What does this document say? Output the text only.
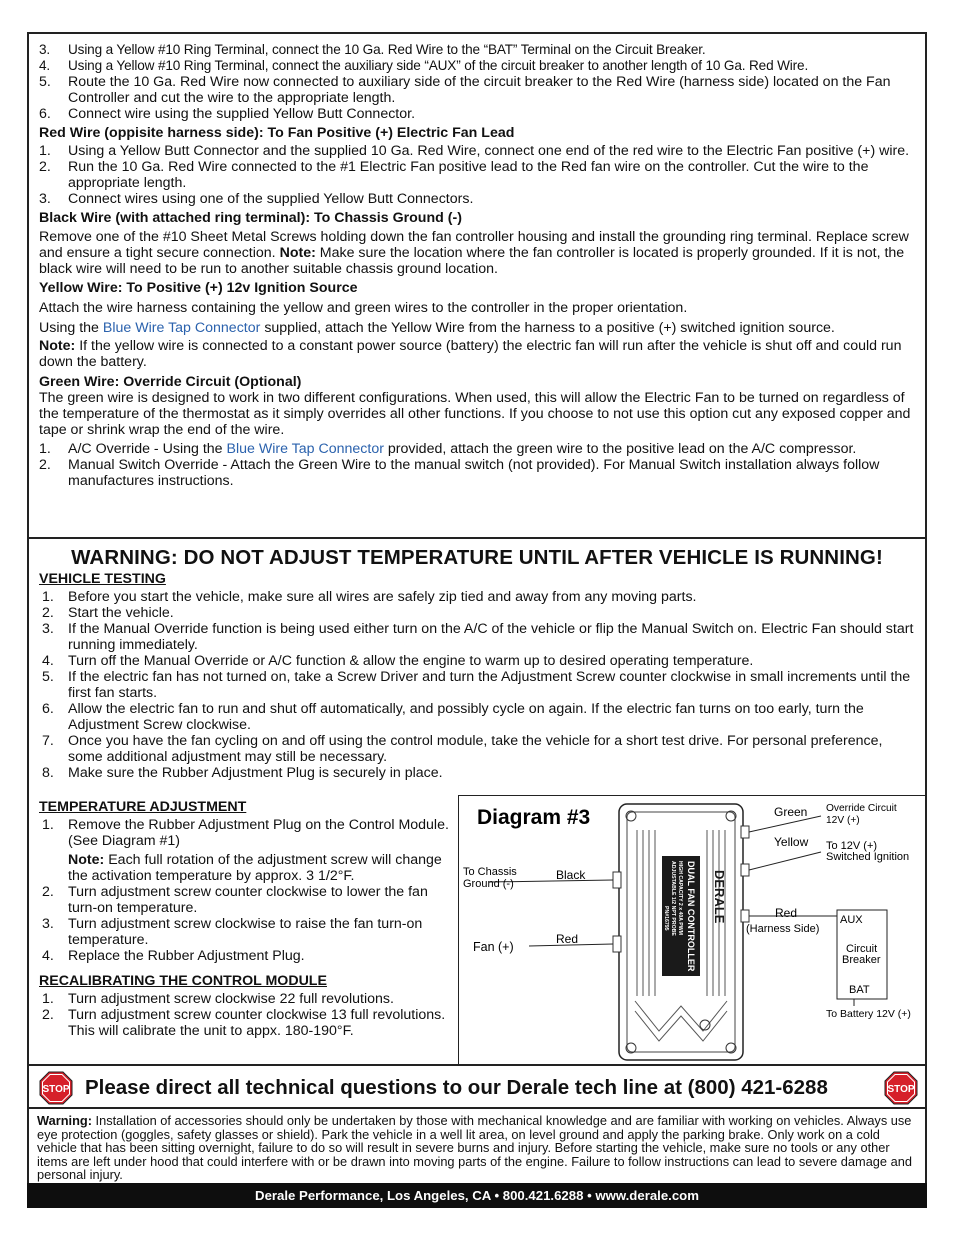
3. Using a Yellow #10 Ring Terminal, connect the 10 Ga. Red Wire to the “BAT” Terminal on the Circuit Breaker.
4. Using a Yellow #10 Ring Terminal, connect the auxiliary side “AUX” of the circuit breaker to another length of 10 Ga. Red Wire.
5. Route the 10 Ga. Red Wire now connected to auxiliary side of the circuit breaker to the Red Wire (harness side) located on the Fan Controller and cut the wire to the appropriate length.
6. Connect wire using the supplied Yellow Butt Connector.

Red Wire (oppisite harness side): To Fan Positive (+) Electric Fan Lead

1. Using a Yellow Butt Connector and the supplied 10 Ga. Red Wire, connect one end of the red wire to the Electric Fan positive (+) wire.
2. Run the 10 Ga. Red Wire connected to the #1 Electric Fan positive lead to the Red fan wire on the controller. Cut the wire to the appropriate length.
3. Connect wires using one of the supplied Yellow Butt Connectors.

Black Wire (with attached ring terminal): To Chassis Ground (-)

Remove one of the #10 Sheet Metal Screws holding down the fan controller housing and install the grounding ring terminal. Replace screw and ensure a tight secure connection. Note: Make sure the location where the fan controller is located is properly grounded. If it is not, the black wire will need to be run to another suitable chassis ground location.

Yellow Wire: To Positive (+) 12v Ignition Source

Attach the wire harness containing the yellow and green wires to the controller in the proper orientation.

Using the Blue Wire Tap Connector supplied, attach the Yellow Wire from the harness to a positive (+) switched ignition source.

Note: If the yellow wire is connected to a constant power source (battery) the electric fan will run after the vehicle is shut off and could run down the battery.

Green Wire: Override Circuit (Optional)

The green wire is designed to work in two different configurations. When used, this will allow the Electric Fan to be turned on regardless of the temperature of the thermostat as it simply overrides all other functions. If you choose to not use this option cut any exposed copper and tape or shrink wrap the end of the wire.

1. A/C Override - Using the Blue Wire Tap Connector provided, attach the green wire to the positive lead on the A/C compressor.
2. Manual Switch Override - Attach the Green Wire to the manual switch (not provided). For Manual Switch installation always follow manufactures instructions.
WARNING: DO NOT ADJUST TEMPERATURE UNTIL AFTER VEHICLE IS RUNNING!
VEHICLE TESTING
1. Before you start the vehicle, make sure all wires are safely zip tied and away from any moving parts.
2. Start the vehicle.
3. If the Manual Override function is being used either turn on the A/C of the vehicle or flip the Manual Switch on. Electric Fan should start running immediately.
4. Turn off the Manual Override or A/C function & allow the engine to warm up to desired operating temperature.
5. If the electric fan has not turned on, take a Screw Driver and turn the Adjustment Screw counter clockwise in small increments until the first fan starts.
6. Allow the electric fan to run and shut off automatically, and possibly cycle on again. If the electric fan turns on too early, turn the Adjustment Screw clockwise.
7. Once you have the fan cycling on and off using the control module, take the vehicle for a short test drive. For personal preference, some additional adjustment may still be necessary.
8. Make sure the Rubber Adjustment Plug is securely in place.
TEMPERATURE ADJUSTMENT
1. Remove the Rubber Adjustment Plug on the Control Module. (See Diagram #1)
Note: Each full rotation of the adjustment screw will change the activation temperature by approx. 3 1/2°F.
2. Turn adjustment screw counter clockwise to lower the fan turn-on temperature.
3. Turn adjustment screw clockwise to raise the fan turn-on temperature.
4. Replace the Rubber Adjustment Plug.
RECALIBRATING THE CONTROL MODULE
1. Turn adjustment screw clockwise 22 full revolutions.
2. Turn adjustment screw counter clockwise 13 full revolutions. This will calibrate the unit to appx. 180-190°F.
Diagram #3
DUAL FAN CONTROLLER
HIGH CAPACITY 2 x 40A PWM
ADJUSTABLE 1/2 NPT PROBE
PN#16795	DERALE
Green Override Circuit
12V (+)
Yellow To 12V (+)
Switched Ignition
Red
(Harness Side)
AUX
Circuit
Breaker
BAT
To Battery 12V (+)
To Chassis
Ground (-)
Black
Fan (+)
Red
STOP Please direct all technical questions to our Derale tech line at (800) 421-6288	STOP

Warning: Installation of accessories should only be undertaken by those with mechanical knowledge and are familiar with working on vehicles. Always use eye protection (goggles, safety glasses or shield). Park the vehicle in a well lit area, on level ground and apply the parking brake. Only work on a cold vehicle that has been sitting overnight, failure to do so will result in severe burns and injury. Before starting the vehicle, make sure no tools or any other items are left under hood that could interfere with or be drawn into moving parts of the engine. Failure to follow instructions can lead to severe damage and personal injury.

Derale Performance, Los Angeles, CA • 800.421.6288 • www.derale.com
